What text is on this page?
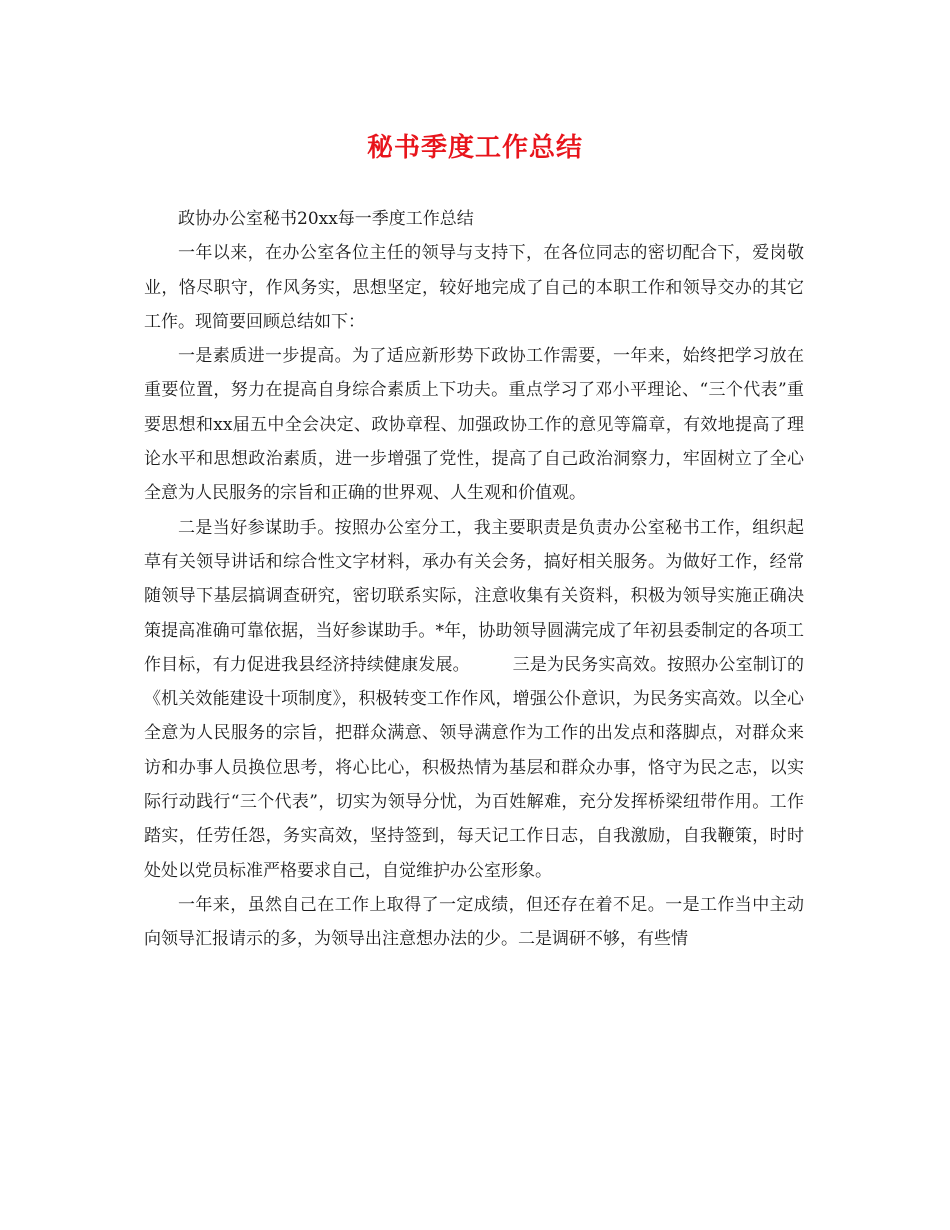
秘书季度工作总结

政协办公室秘书20xx每一季度工作总结

一年以来，在办公室各位主任的领导与支持下，在各位同志的密切配合下，爱岗敬业，恪尽职守，作风务实，思想坚定，较好地完成了自己的本职工作和领导交办的其它工作。现简要回顾总结如下：

一是素质进一步提高。为了适应新形势下政协工作需要，一年来，始终把学习放在重要位置，努力在提高自身综合素质上下功夫。重点学习了邓小平理论、“三个代表”重要思想和xx届五中全会决定、政协章程、加强政协工作的意见等篇章，有效地提高了理论水平和思想政治素质，进一步增强了党性，提高了自己政治洞察力，牢固树立了全心全意为人民服务的宗旨和正确的世界观、人生观和价值观。

二是当好参谋助手。按照办公室分工，我主要职责是负责办公室秘书工作，组织起草有关领导讲话和综合性文字材料，承办有关会务，搞好相关服务。为做好工作，经常随领导下基层搞调查研究，密切联系实际，注意收集有关资料，积极为领导实施正确决策提高准确可靠依据，当好参谋助手。*年，协助领导圆满完成了年初县委制定的各项工作目标，有力促进我县经济持续健康发展。　　　三是为民务实高效。按照办公室制订的《机关效能建设十项制度》，积极转变工作作风，增强公仆意识，为民务实高效。以全心全意为人民服务的宗旨，把群众满意、领导满意作为工作的出发点和落脚点，对群众来访和办事人员换位思考，将心比心，积极热情为基层和群众办事，恪守为民之志，以实际行动践行“三个代表”，切实为领导分忧，为百姓解难，充分发挥桥梁纽带作用。工作踏实，任劳任怨，务实高效，坚持签到，每天记工作日志，自我激励，自我鞭策，时时处处以党员标准严格要求自己，自觉维护办公室形象。

一年来，虽然自己在工作上取得了一定成绩，但还存在着不足。一是工作当中主动向领导汇报请示的多，为领导出注意想办法的少。二是调研不够，有些情
